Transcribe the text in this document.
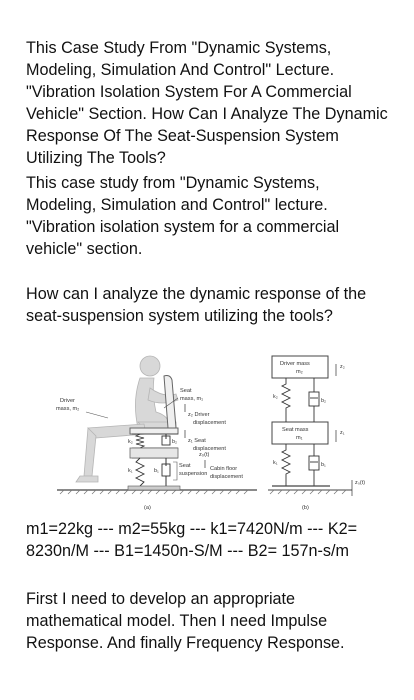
This Case Study From "Dynamic Systems, Modeling, Simulation And Control" Lecture. "Vibration Isolation System For A Commercial Vehicle" Section. How Can I Analyze The Dynamic Response Of The Seat-Suspension System Utilizing The Tools?

This case study from "Dynamic Systems, Modeling, Simulation and Control" lecture. "Vibration isolation system for a commercial vehicle" section.

How can I analyze the dynamic response of the seat-suspension system utilizing the tools?

Driver
mass, m₂
Seat
mass, m₁
z₂ Driver
displacement
z₁ Seat
displacement
z₀(t)
Seat
suspension
Cabin floor
displacement
k₂	b₂
k₁	b₁
(a)
Driver mass
m₂
Seat mass
m₁
z₂
z₁
z₀(t)
k₂
b₂
k₁	b₁
(b)

m1=22kg --- m2=55kg --- k1=7420N/m --- K2= 8230n/M --- B1=1450n-S/M --- B2= 157n-s/m

First I need to develop an appropriate mathematical model. Then I need Impulse Response. And finally Frequency Response.
